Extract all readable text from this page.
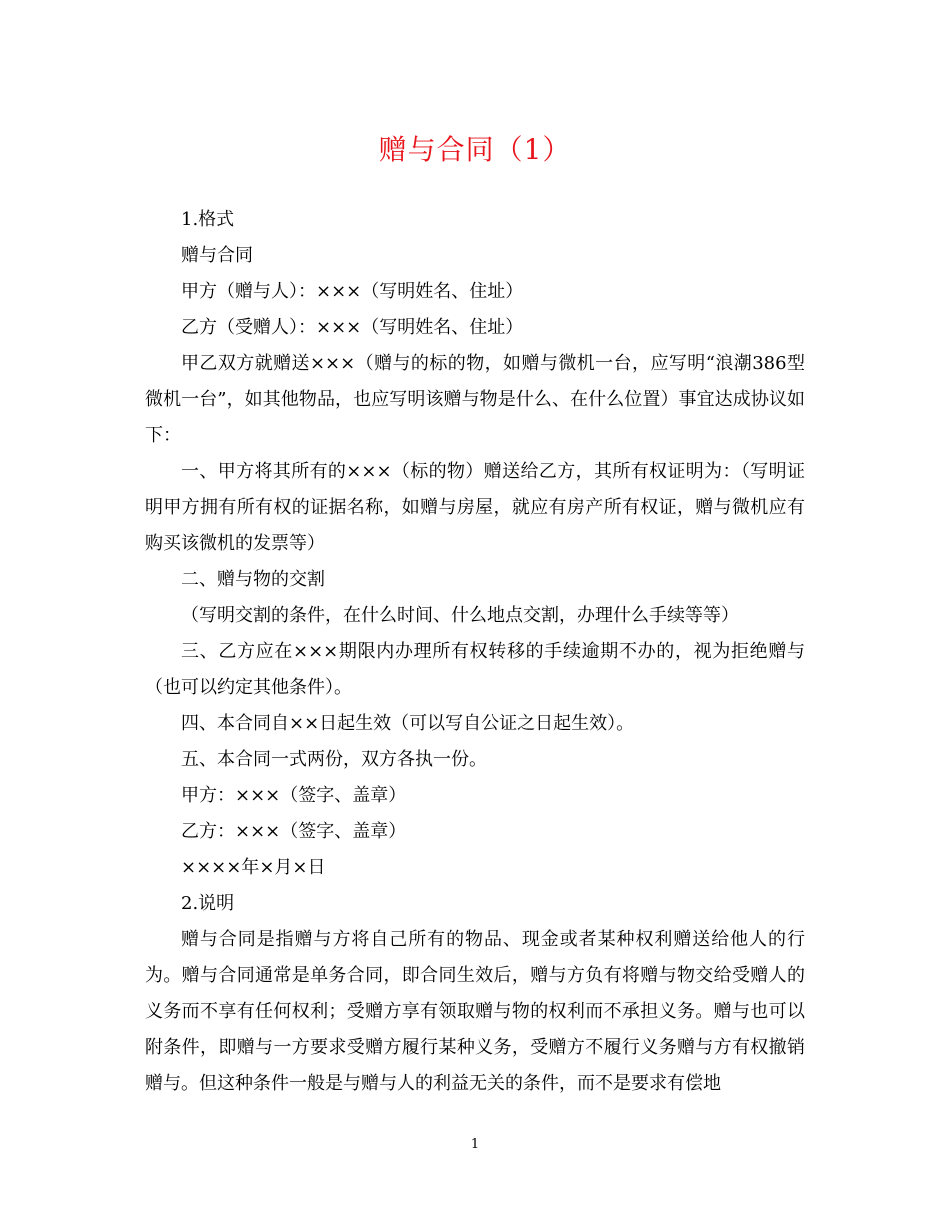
赠与合同（1）

1.格式

赠与合同

甲方（赠与人）：×××（写明姓名、住址）

乙方（受赠人）：×××（写明姓名、住址）

甲乙双方就赠送×××（赠与的标的物，如赠与微机一台，应写明“浪潮386型微机一台”，如其他物品，也应写明该赠与物是什么、在什么位置）事宜达成协议如下：

一、甲方将其所有的×××（标的物）赠送给乙方，其所有权证明为：（写明证明甲方拥有所有权的证据名称，如赠与房屋，就应有房产所有权证，赠与微机应有购买该微机的发票等）

二、赠与物的交割

（写明交割的条件，在什么时间、什么地点交割，办理什么手续等等）

三、乙方应在×××期限内办理所有权转移的手续逾期不办的，视为拒绝赠与（也可以约定其他条件）。

四、本合同自××日起生效（可以写自公证之日起生效）。

五、本合同一式两份，双方各执一份。

甲方：×××（签字、盖章）

乙方：×××（签字、盖章）

××××年×月×日

2.说明

赠与合同是指赠与方将自己所有的物品、现金或者某种权利赠送给他人的行为。赠与合同通常是单务合同，即合同生效后，赠与方负有将赠与物交给受赠人的义务而不享有任何权利；受赠方享有领取赠与物的权利而不承担义务。赠与也可以附条件，即赠与一方要求受赠方履行某种义务，受赠方不履行义务赠与方有权撤销赠与。但这种条件一般是与赠与人的利益无关的条件，而不是要求有偿地

1
